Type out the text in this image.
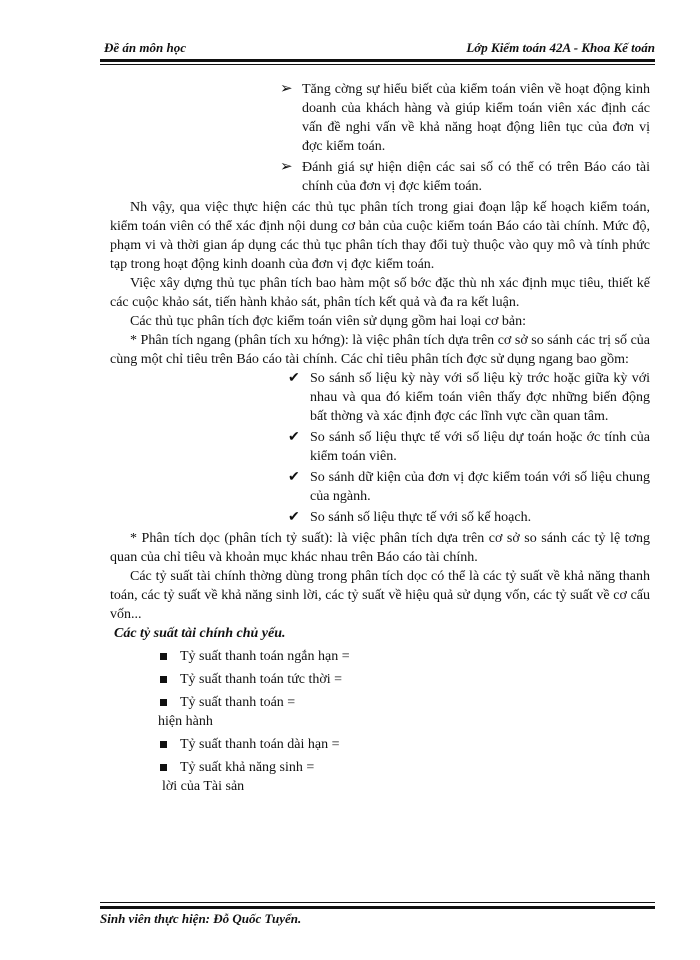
Đề án môn học	Lớp Kiểm toán 42A - Khoa Kế toán
➢ Tăng cờng sự hiểu biết của kiểm toán viên về hoạt động kinh doanh của khách hàng và giúp kiểm toán viên xác định các vấn đề nghi vấn về khả năng hoạt động liên tục của đơn vị đợc kiểm toán.
➢ Đánh giá sự hiện diện các sai số có thể có trên Báo cáo tài chính của đơn vị đợc kiểm toán.

Nh vậy, qua việc thực hiện các thủ tục phân tích trong giai đoạn lập kế hoạch kiểm toán, kiểm toán viên có thể xác định nội dung cơ bản của cuộc kiểm toán Báo cáo tài chính. Mức độ, phạm vi và thời gian áp dụng các thủ tục phân tích thay đổi tuỳ thuộc vào quy mô và tính phức tạp trong hoạt động kinh doanh của đơn vị đợc kiểm toán.

Việc xây dựng thủ tục phân tích bao hàm một số bớc đặc thù nh xác định mục tiêu, thiết kế các cuộc khảo sát, tiến hành khảo sát, phân tích kết quả và đa ra kết luận.

Các thủ tục phân tích đợc kiểm toán viên sử dụng gồm hai loại cơ bản:

* Phân tích ngang (phân tích xu hớng): là việc phân tích dựa trên cơ sở so sánh các trị số của cùng một chỉ tiêu trên Báo cáo tài chính. Các chỉ tiêu phân tích đợc sử dụng ngang bao gồm:

✔ So sánh số liệu kỳ này với số liệu kỳ trớc hoặc giữa kỳ với nhau và qua đó kiểm toán viên thấy đợc những biến động bất thờng và xác định đợc các lĩnh vực cần quan tâm.
✔ So sánh số liệu thực tế với số liệu dự toán hoặc ớc tính của kiểm toán viên.
✔ So sánh dữ kiện của đơn vị đợc kiểm toán với số liệu chung của ngành.
✔ So sánh số liệu thực tế với số kế hoạch.

* Phân tích dọc (phân tích tỷ suất): là việc phân tích dựa trên cơ sở so sánh các tỷ lệ tơng quan của chỉ tiêu và khoản mục khác nhau trên Báo cáo tài chính.

Các tỷ suất tài chính thờng dùng trong phân tích dọc có thể là các tỷ suất về khả năng thanh toán, các tỷ suất về khả năng sinh lời, các tỷ suất về hiệu quả sử dụng vốn, các tỷ suất về cơ cấu vốn...

Các tỷ suất tài chính chủ yếu.

Tỷ suất thanh toán ngắn hạn =
Tỷ suất thanh toán tức thời =
Tỷ suất thanh toán =
hiện hành
Tỷ suất thanh toán dài hạn =
Tỷ suất khả năng sinh =
lời của Tài sản
Sinh viên thực hiện: Đỗ Quốc Tuyển.
